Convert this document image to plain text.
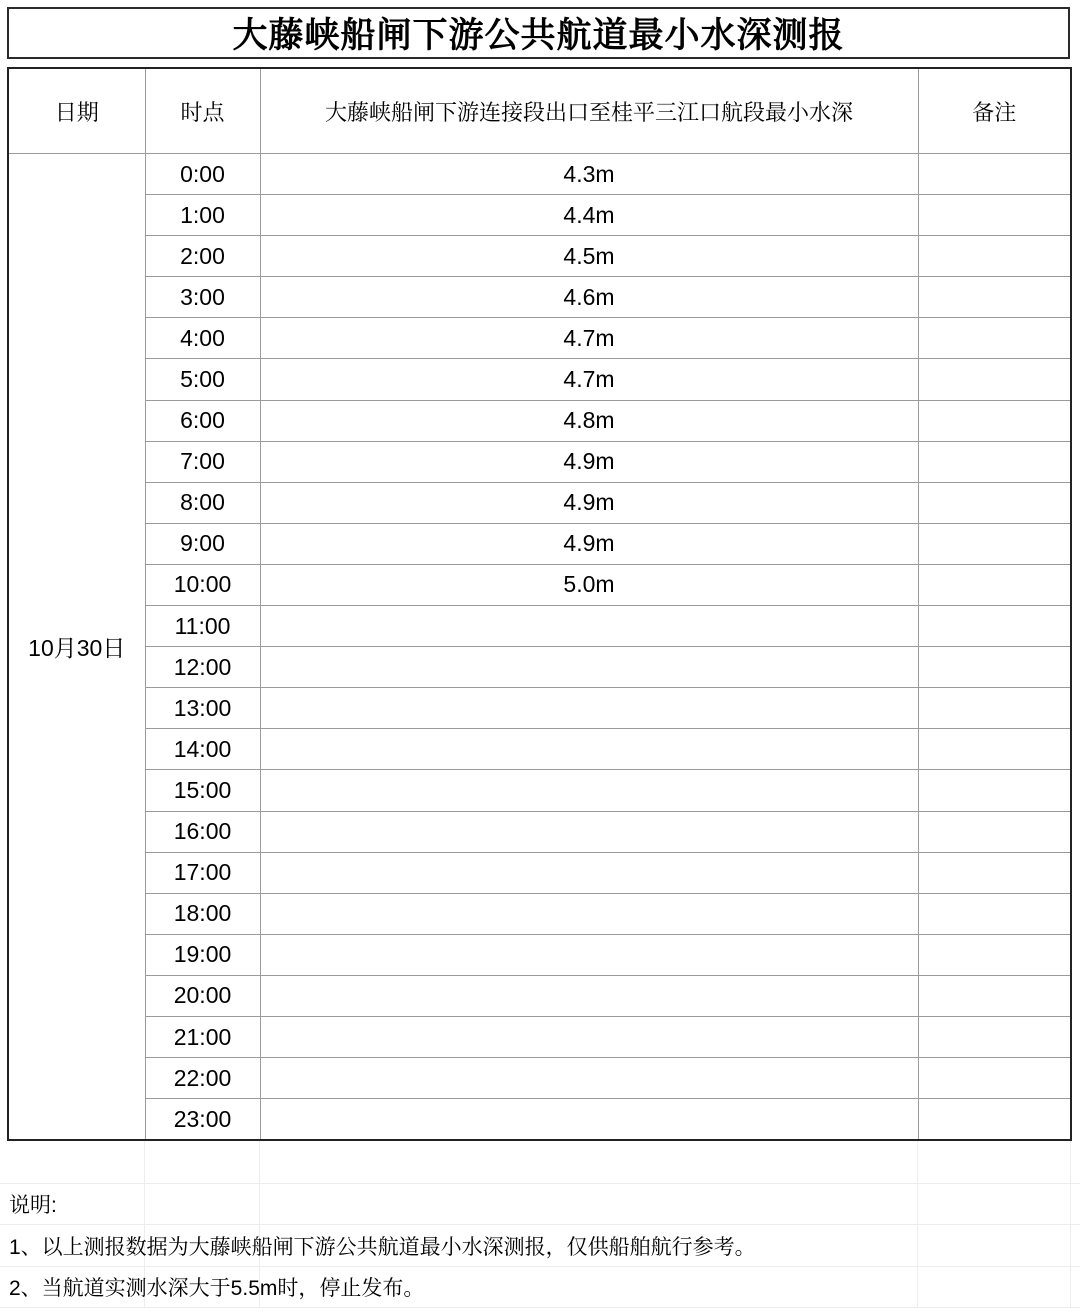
大藤峡船闸下游公共航道最小水深测报
日期	时点	大藤峡船闸下游连接段出口至桂平三江口航段最小水深	备注
10月30日	0:00	4.3m	
	1:00	4.4m	
	2:00	4.5m	
	3:00	4.6m	
	4:00	4.7m	
	5:00	4.7m	
	6:00	4.8m	
	7:00	4.9m	
	8:00	4.9m	
	9:00	4.9m	
	10:00	5.0m	
	11:00		
	12:00		
	13:00		
	14:00		
	15:00		
	16:00		
	17:00		
	18:00		
	19:00		
	20:00		
	21:00		
	22:00		
	23:00		
说明:
1、以上测报数据为大藤峡船闸下游公共航道最小水深测报，仅供船舶航行参考。
2、当航道实测水深大于5.5m时，停止发布。
